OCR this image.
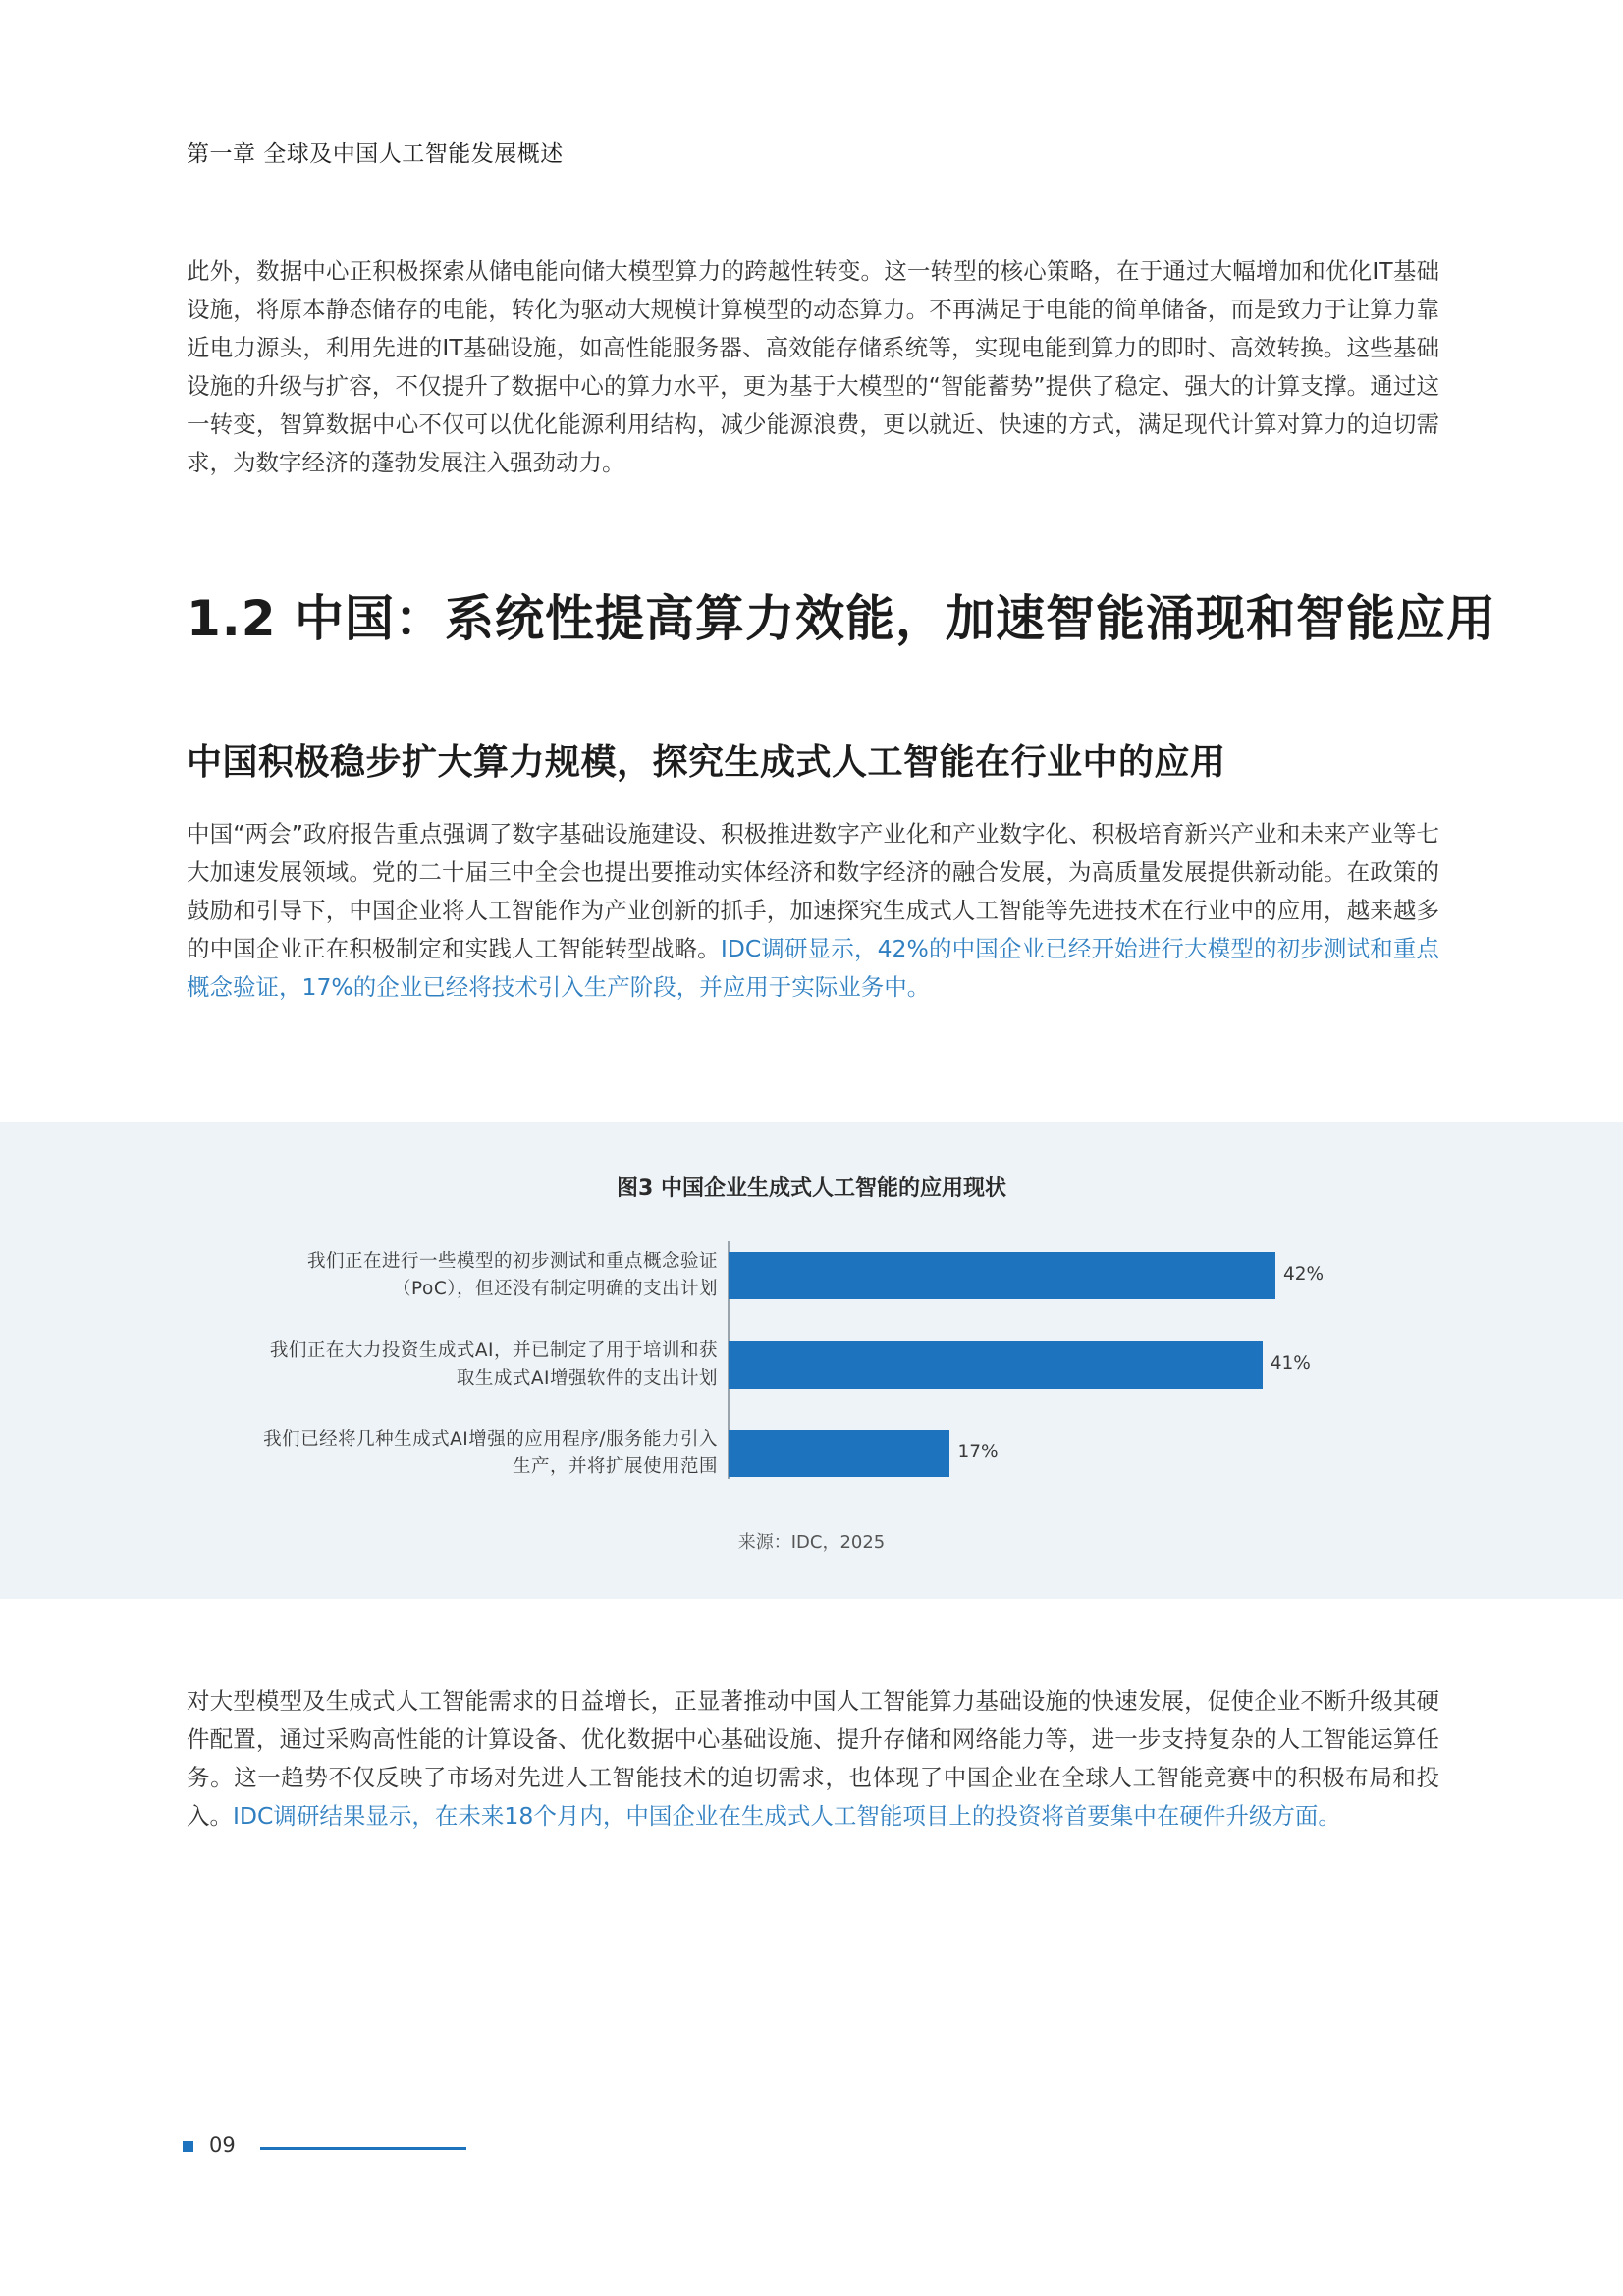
第一章 全球及中国人工智能发展概述

此外，数据中心正积极探索从储电能向储大模型算力的跨越性转变。这一转型的核心策略，在于通过大幅增加和优化IT基础设施，将原本静态储存的电能，转化为驱动大规模计算模型的动态算力。不再满足于电能的简单储备，而是致力于让算力靠近电力源头，利用先进的IT基础设施，如高性能服务器、高效能存储系统等，实现电能到算力的即时、高效转换。这些基础设施的升级与扩容，不仅提升了数据中心的算力水平，更为基于大模型的“智能蓄势”提供了稳定、强大的计算支撑。通过这一转变，智算数据中心不仅可以优化能源利用结构，减少能源浪费，更以就近、快速的方式，满足现代计算对算力的迫切需求，为数字经济的蓬勃发展注入强劲动力。

1.2 中国：系统性提高算力效能，加速智能涌现和智能应用
中国积极稳步扩大算力规模，探究生成式人工智能在行业中的应用

中国“两会”政府报告重点强调了数字基础设施建设、积极推进数字产业化和产业数字化、积极培育新兴产业和未来产业等七大加速发展领域。党的二十届三中全会也提出要推动实体经济和数字经济的融合发展，为高质量发展提供新动能。在政策的鼓励和引导下，中国企业将人工智能作为产业创新的抓手，加速探究生成式人工智能等先进技术在行业中的应用，越来越多的中国企业正在积极制定和实践人工智能转型战略。IDC调研显示，42%的中国企业已经开始进行大模型的初步测试和重点概念验证，17%的企业已经将技术引入生产阶段，并应用于实际业务中。

图3 中国企业生成式人工智能的应用现状
42%
我们正在进行一些模型的初步测试和重点概念验证
（PoC），但还没有制定明确的支出计划
41%
我们正在大力投资生成式AI，并已制定了用于培训和获
取生成式AI增强软件的支出计划
17%
我们已经将几种生成式AI增强的应用程序/服务能力引入
生产，并将扩展使用范围
来源：IDC，2025

对大型模型及生成式人工智能需求的日益增长，正显著推动中国人工智能算力基础设施的快速发展，促使企业不断升级其硬件配置，通过采购高性能的计算设备、优化数据中心基础设施、提升存储和网络能力等，进一步支持复杂的人工智能运算任务。这一趋势不仅反映了市场对先进人工智能技术的迫切需求，也体现了中国企业在全球人工智能竞赛中的积极布局和投入。IDC调研结果显示，在未来18个月内，中国企业在生成式人工智能项目上的投资将首要集中在硬件升级方面。

09
